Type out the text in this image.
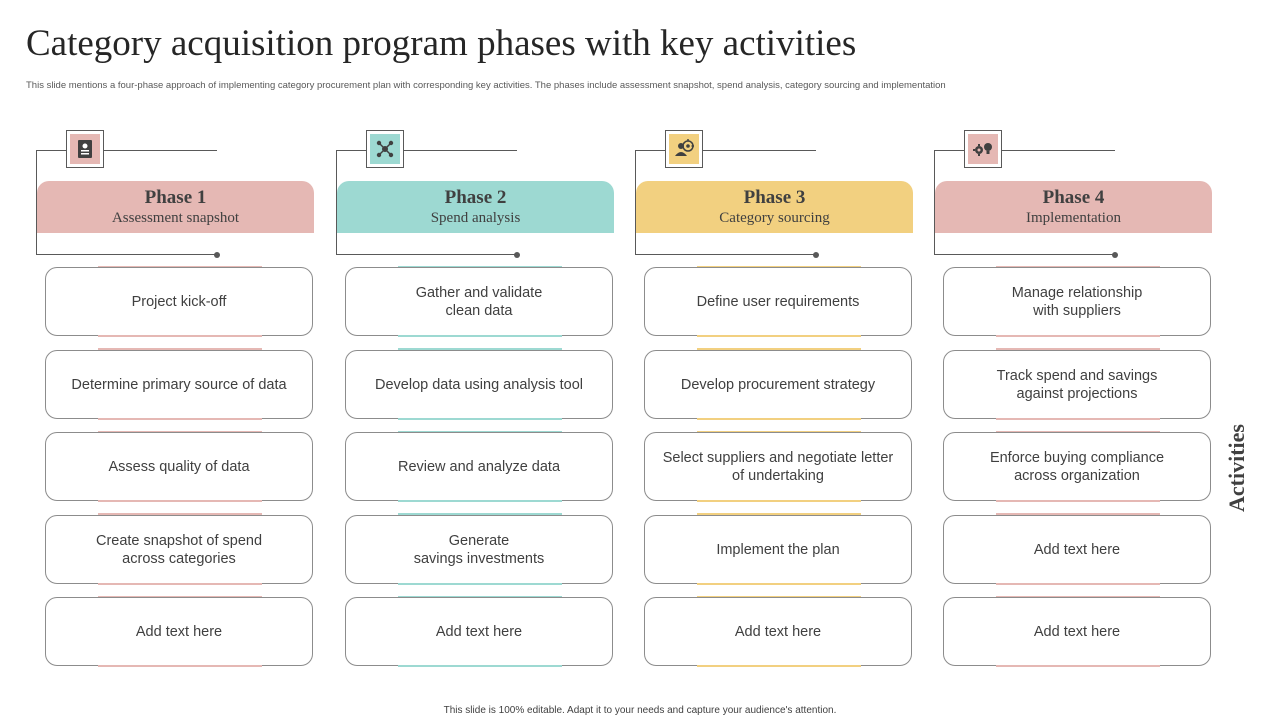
Category acquisition program phases with key activities
This slide mentions a four-phase approach of implementing category procurement plan with corresponding key activities. The phases include assessment snapshot, spend analysis, category sourcing and implementation
Phase 1
Assessment snapshot
Project kick-off
Determine primary source of data
Assess quality of data
Create snapshot of spend
across categories
Add text here
Phase 2
Spend analysis
Gather and validate
clean data
Develop data using analysis tool
Review and analyze data
Generate
savings investments
Add text here
Phase 3
Category sourcing
Define user requirements
Develop procurement strategy
Select suppliers and negotiate letter
of undertaking
Implement the plan
Add text here
Phase 4
Implementation
Manage relationship
with suppliers
Track spend and savings
against projections
Enforce buying compliance
across organization
Add text here
Add text here
Activities
This slide is 100% editable. Adapt it to your needs and capture your audience's attention.
